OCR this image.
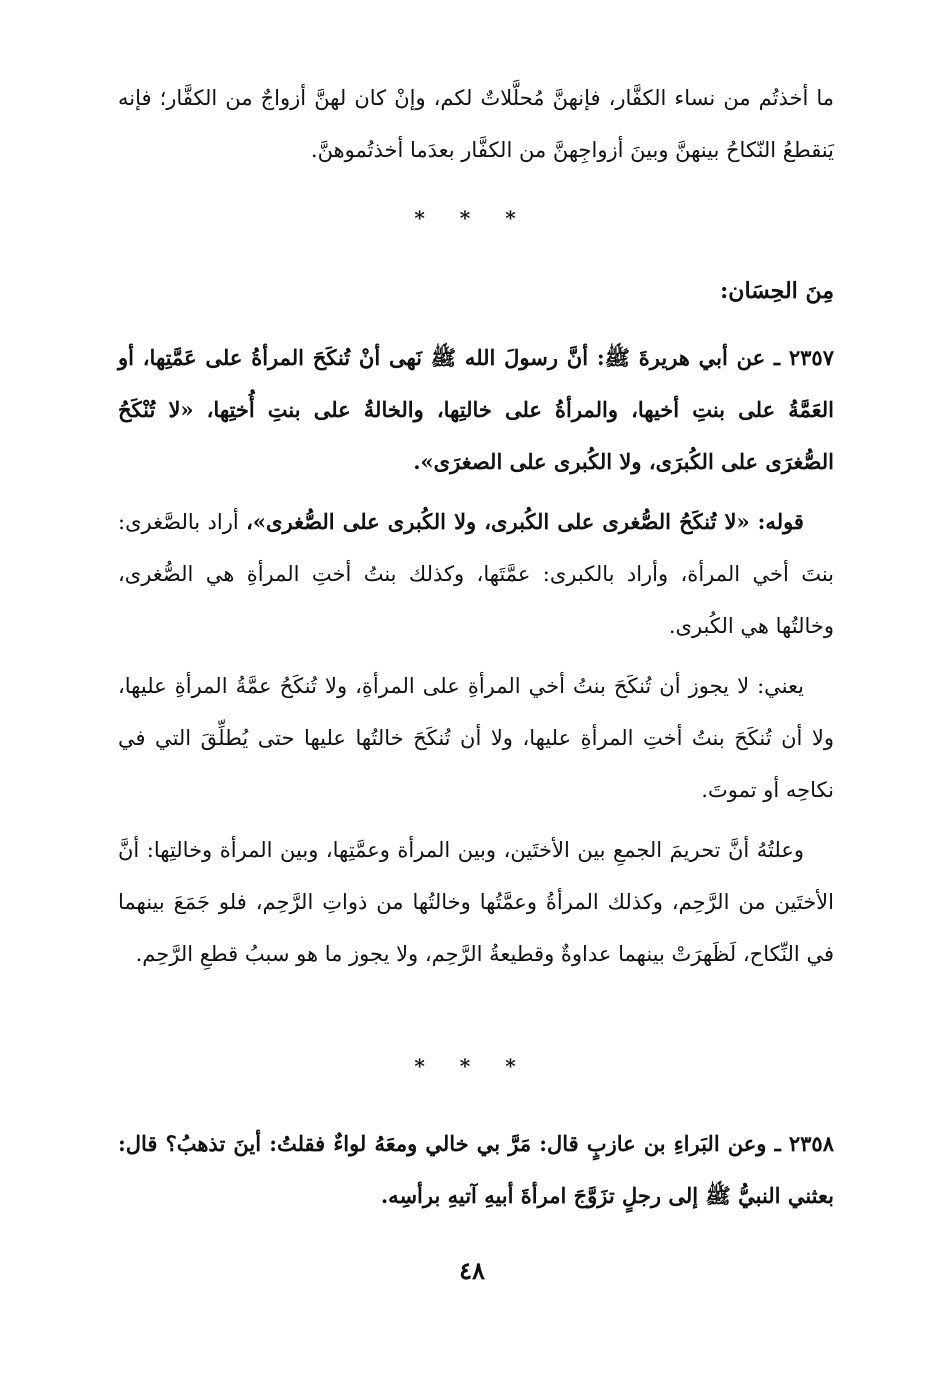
ما أخذتُم من نساء الكفَّار، فإنهنَّ مُحلَّلاتٌ لكم، وإنْ كان لهنَّ أزواجٌ من الكفَّار؛ فإنه يَنقطعُ النّكاحُ بينهنَّ وبينَ أزواجِهنَّ من الكفَّار بعدَما أخذتُموهنَّ.

* * *
مِنَ الحِسَان:

٢٣٥٧ ـ عن أبي هريرةَ ﷺ: أنَّ رسولَ الله ﷺ نَهى أنْ تُنكَحَ المرأةُ على عَمَّتِها، أو العَمَّةُ على بنتِ أخيها، والمرأةُ على خالتِها، والخالةُ على بنتِ أُختِها، «لا تُنْكَحُ الصُّغرَى على الكُبرَى، ولا الكُبرى على الصغرَى».

قوله: «لا تُنكَحُ الصُّغرى على الكُبرى، ولا الكُبرى على الصُّغرى»، أراد بالصَّغرى: بنتَ أخي المرأة، وأراد بالكبرى: عمَّتَها، وكذلك بنتُ أختِ المرأةِ هي الصُّغرى، وخالتُها هي الكُبرى.

يعني: لا يجوز أن تُنكَحَ بنتُ أخي المرأةِ على المرأةِ، ولا تُنكَحُ عمَّةُ المرأةِ عليها، ولا أن تُنكَحَ بنتُ أختِ المرأةِ عليها، ولا أن تُنكَحَ خالتُها عليها حتى يُطلِّقَ التي في نكاحِه أو تموتَ.

وعلتُهُ أنَّ تحريمَ الجمعِ بين الأختَين، وبين المرأة وعمَّتِها، وبين المرأة وخالتِها: أنَّ الأختَين من الرَّحِم، وكذلك المرأةُ وعمَّتُها وخالتُها من ذواتِ الرَّحِم، فلو جَمَعَ بينهما في النِّكاح، لَظَهرَتْ بينهما عداوةٌ وقطيعةُ الرَّحِم، ولا يجوز ما هو سببُ قطعِ الرَّحِم.

* * *

٢٣٥٨ ـ وعن البَراءِ بن عازبٍ قال: مَرَّ بي خالي ومعَهُ لواءٌ فقلتُ: أينَ تذهبُ؟ قال: بعثني النبيُّ ﷺ إلى رجلٍ تزَوَّجَ امرأةَ أبيهِ آتيهِ برأسِه.

٤٨
